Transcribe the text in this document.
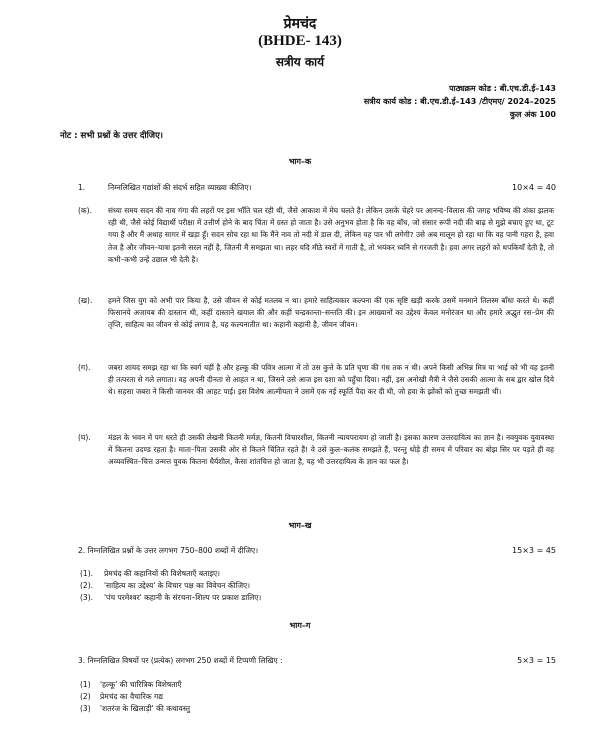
प्रेमचंद
(BHDE- 143)
सत्रीय कार्य
पाठ्यक्रम कोड : बी.एच.डी.ई–143
सत्रीय कार्य कोड : बी.एच.डी.ई–143 /टीएमए/ 2024–2025
कुल अंक 100
नोट : सभी प्रश्नों के उत्तर दीजिए।
भाग–क
1.	निम्नलिखित गद्यांशों की संदर्भ सहित व्याख्या कीजिए।	10×4 = 40
(क). संध्या समय सदन की नाव गंगा की लहरों पर इस भाँति चल रही थी, जैसे आकाश में मेघ चलते है। लेकिन उसके चेहरे पर आनन्द–विलास की जगह भविष्य की शंका झलक रही थी, जैसे कोई विद्यार्थी परीक्षा में उत्तीर्ण होने के बाद चिंता में ग्रस्त हो जाता है। उसे अनुभव होता है कि वह बाँध, जो संसार रूपी नदी की बाढ़ से मुझे बचाए हुए था, टूट गया है और मैं अथाह सागर में खड़ा हूँ। सदन सोच रहा था कि मैंने नाव तो नदी में डाल दी, लेकिन यह पार भी लगेगी? उसे अब मालूम हो रहा था कि वह पानी गहरा है, हवा तेज है और जीवन–यात्रा इतनी सरल नहीं है, जितनी मैं समझता था। लहर यदि मीठे स्वरों में गाती है, तो भयंकर ध्वनि से गरजती है। हवा अगर लहरों को थपकियाँ देती है, तो कभी–कभी उन्हें उछाल भी देती है।
(ख). हमने जिस युग को अभी पार किया है, उसे जीवन से कोई मतलब न था। हमारे साहित्यकार कल्पना की एक सृष्टि खड़ी करके उसमें मनमाने तिलस्म बाँधा करते थे। कहीं फिसानये अजायब की दास्तान थी, कहीं दास्ताने खयाल की और कहीं चन्द्रकान्ता–सन्तति की। इन आख्यानों का उद्देश्य केवल मनोरंजन था और हमारे अद्भुत रस–प्रेम की तृप्ति, साहित्य का जीवन से कोई लगाव है, यह कल्पनातीत था। कहानी कहानी है, जीवन जीवन।
(ग). जबरा शायद समझ रहा था कि स्वर्ग यहीं है और हल्कू की पवित्र आत्मा में तो उस कुत्ते के प्रति घृणा की गंध तक न थी। अपने किसी अभिन्न मित्र या भाई को भी वह इतनी ही तत्परता से गले लगाता। वह अपनी दीनता से आहत न था, जिसने उसे आज इस दशा को पहुँचा दिया। नहीं, इस अनोखी मैत्री ने जैसे उसकी आत्मा के सब द्वार खोल दिये थे। सहसा जबरा ने किसी जानवर की आहट पाई। इस विशेष आत्मीयता ने उसमें एक नई स्फूर्ति पैदा कर दी थी, जो हवा के झोंकों को तुच्छ समझती थी।
(घ). मंडल के भवन में पग धरते ही उसकी लेखनी कितनी मर्मज्ञ, कितनी विचारशील, कितनी न्यायपरायण हो जाती है। इसका कारण उत्तरदायित्व का ज्ञान है। नवयुवक युवावस्था में कितना उदण्ड रहता है। माता–पिता उसकी ओर से कितने चिंतित रहते हैं! वे उसे कुल–कलंक समझते हैं, परन्तु थोड़े ही समय में परिवार का बोझ सिर पर पड़ते ही वह अव्यवस्थित–चित्त उन्मत्त युवक कितना धैर्यशील, कैसा शांतचित्त हो जाता है, यह भी उत्तरदायित्व के ज्ञान का फल है।
भाग–ख
2. निम्नलिखित प्रश्नों के उत्तर लगभग 750–800 शब्दों में दीजिए।	15×3 = 45
(1). प्रेमचंद की कहानियों की विशेषताएँ बताइए।
(2). 'साहित्य का उद्देश्य' के विचार पक्ष का विवेचन कीजिए।
(3). 'पंच परमेश्वर' कहानी के संरचना–शिल्प पर प्रकाश डालिए।
भाग–ग
3. निम्नलिखित विषयों पर (प्रत्येक) लगभग 250 शब्दों में टिप्पणी लिखिए :	5×3 = 15
(1) 'हल्कू' की चारित्रिक विशेषताएँ
(2) प्रेमचंद का वैचारिक गद्य
(3) 'शतरंज के खिलाड़ी' की कथावस्तु
